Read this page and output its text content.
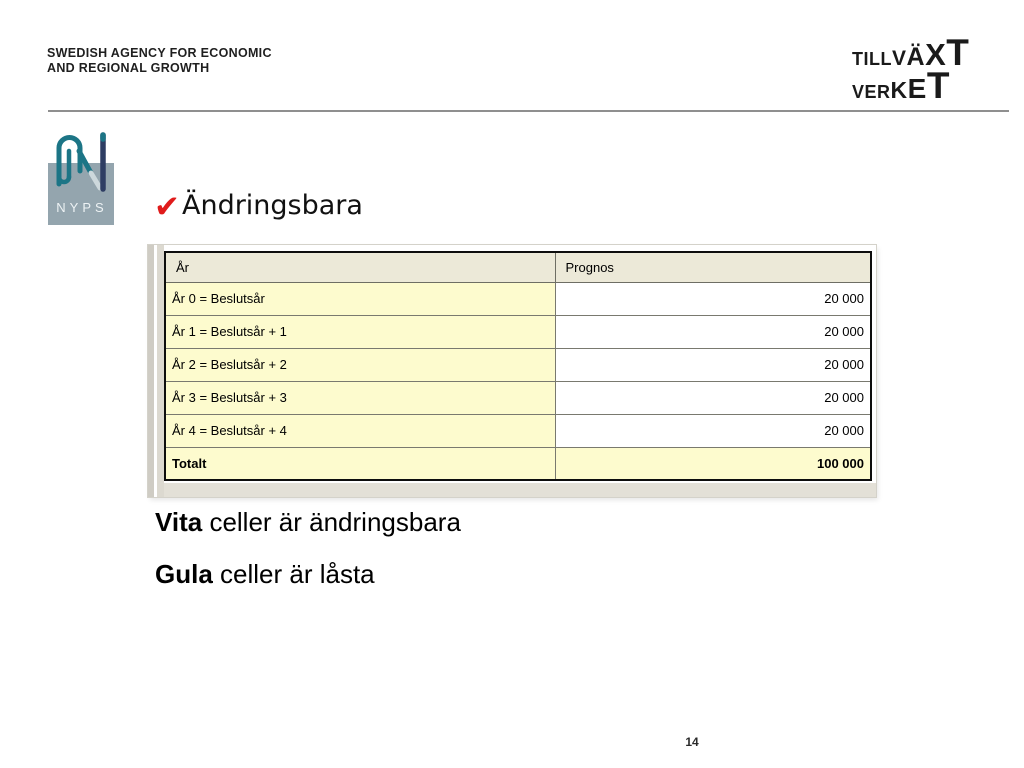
SWEDISH AGENCY FOR ECONOMIC
AND REGIONAL GROWTH	T I L L V Ä X T
V E R K E T
NYPS ✔ Ändringsbara
År	Prognos
År 0 = Beslutsår	20 000
År 1 = Beslutsår + 1	20 000
År 2 = Beslutsår + 2	20 000
År 3 = Beslutsår + 3	20 000
År 4 = Beslutsår + 4	20 000
Totalt	100 000

Vita celler är ändringsbara

Gula celler är låsta

14
